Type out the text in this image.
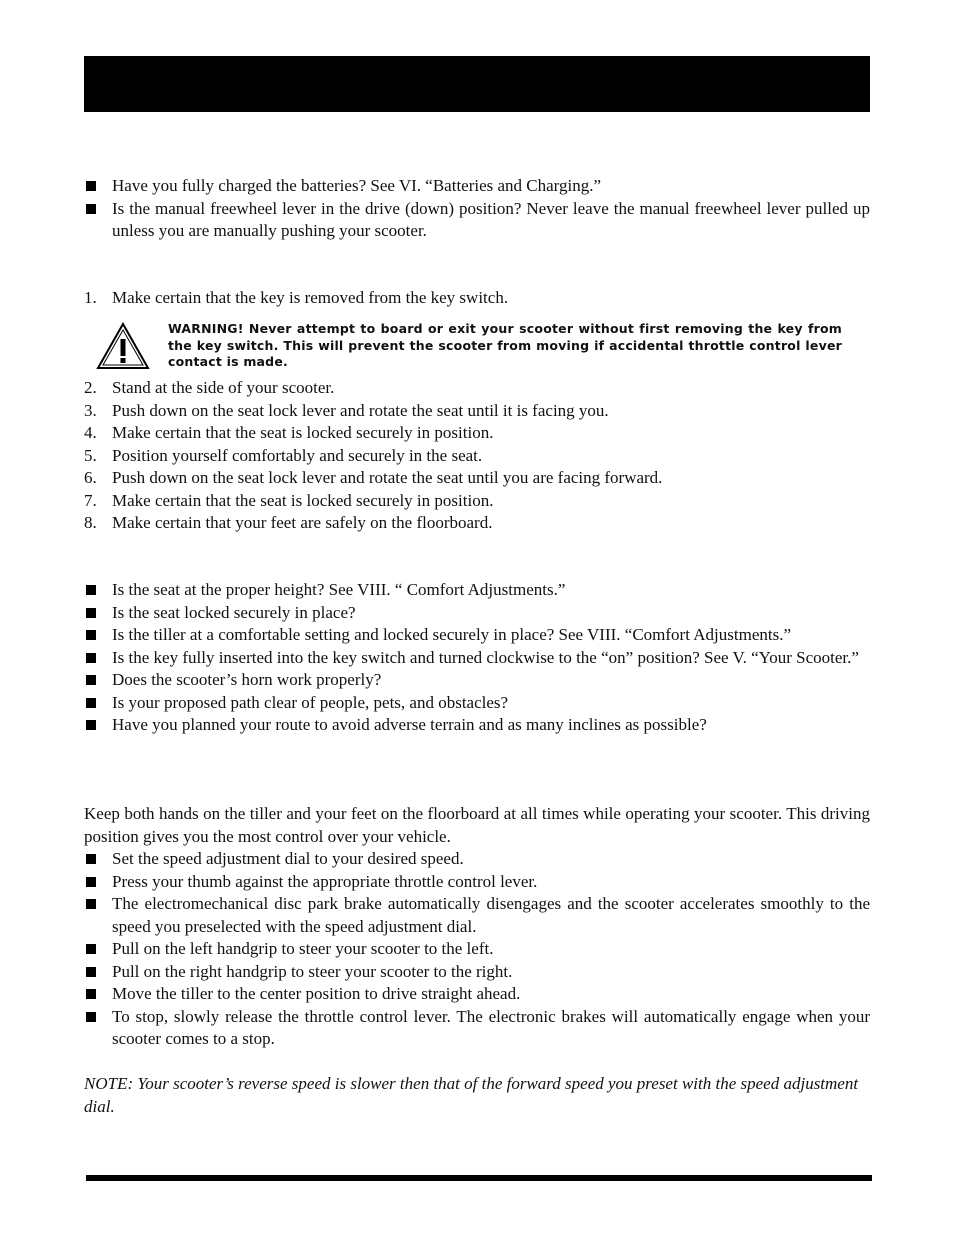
Have you fully charged the batteries? See VI. “Batteries and Charging.”
Is the manual freewheel lever in the drive (down) position? Never leave the manual freewheel lever pulled up unless you are manually pushing your scooter.
1. Make certain that the key is removed from the key switch.
WARNING! Never attempt to board or exit your scooter without first removing the key from the key switch. This will prevent the scooter from moving if accidental throttle control lever contact is made.
2. Stand at the side of your scooter.
3. Push down on the seat lock lever and rotate the seat until it is facing you.
4. Make certain that the seat is locked securely in position.
5. Position yourself comfortably and securely in the seat.
6. Push down on the seat lock lever and rotate the seat until you are facing forward.
7. Make certain that the seat is locked securely in position.
8. Make certain that your feet are safely on the floorboard.
Is the seat at the proper height? See VIII. “ Comfort Adjustments.”
Is the seat locked securely in place?
Is the tiller at a comfortable setting and locked securely in place? See VIII. “Comfort Adjustments.”
Is the key fully inserted into the key switch and turned clockwise to the “on” position? See V. “Your Scooter.”
Does the scooter’s horn work properly?
Is your proposed path clear of people, pets, and obstacles?
Have you planned your route to avoid adverse terrain and as many inclines as possible?

Keep both hands on the tiller and your feet on the floorboard at all times while operating your scooter. This driving position gives you the most control over your vehicle.

Set the speed adjustment dial to your desired speed.
Press your thumb against the appropriate throttle control lever.
The electromechanical disc park brake automatically disengages and the scooter accelerates smoothly to the speed you preselected with the speed adjustment dial.
Pull on the left handgrip to steer your scooter to the left.
Pull on the right handgrip to steer your scooter to the right.
Move the tiller to the center position to drive straight ahead.
To stop, slowly release the throttle control lever. The electronic brakes will automatically engage when your scooter comes to a stop.
NOTE: Your scooter’s reverse speed is slower then that of the forward speed you preset with the speed adjustment dial.
